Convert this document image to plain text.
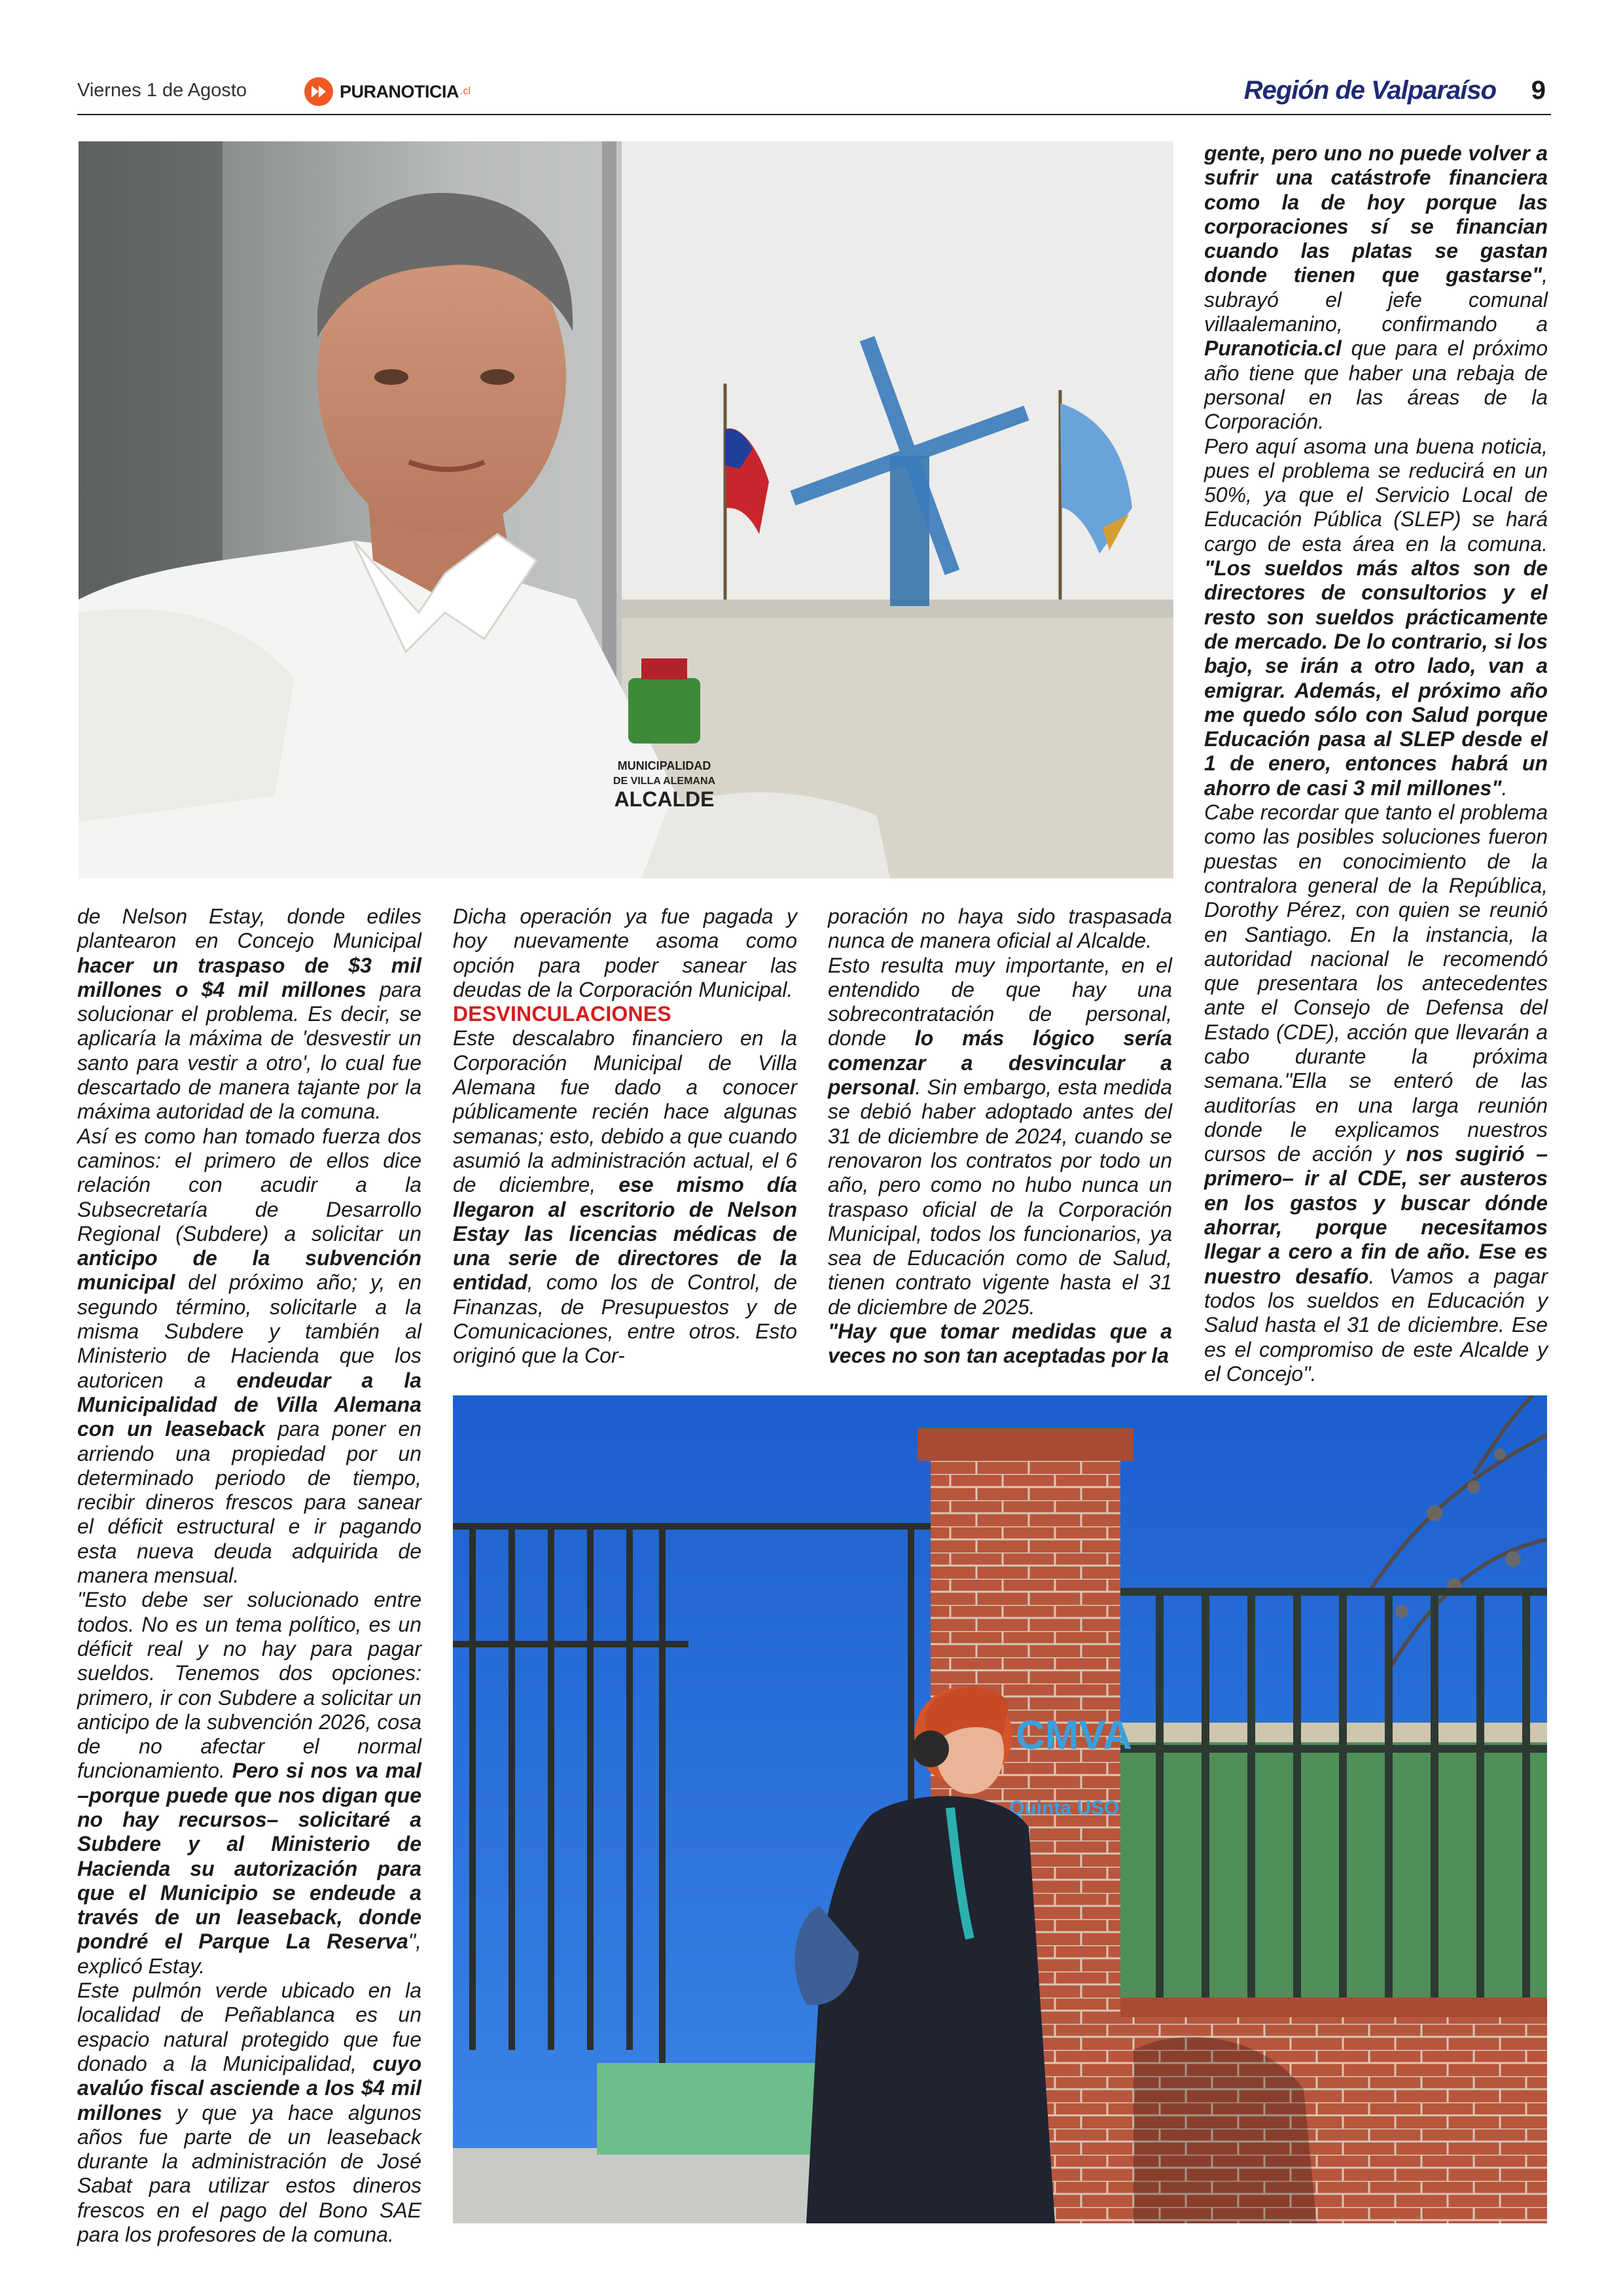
Viernes 1 de Agosto	PURANOTICIA .cl	Región de Valparaíso 9
MUNICIPALIDAD
DE VILLA ALEMANA
ALCALDE

de Nelson Estay, donde ediles plantearon en Concejo Municipal hacer un traspaso de $3 mil millones o $4 mil millones para solucionar el problema. Es decir, se aplicaría la máxima de 'desvestir un santo para vestir a otro', lo cual fue descartado de manera tajante por la máxima autoridad de la comuna.

Así es como han tomado fuerza dos caminos: el primero de ellos dice relación con acudir a la Subsecretaría de Desarrollo Regional (Subdere) a solicitar un anticipo de la subvención municipal del próximo año; y, en segundo término, solicitarle a la misma Subdere y también al Ministerio de Hacienda que los autoricen a endeudar a la Municipalidad de Villa Alemana con un leaseback para poner en arriendo una propiedad por un determinado periodo de tiempo, recibir dineros frescos para sanear el déficit estructural e ir pagando esta nueva deuda adquirida de manera mensual.

"Esto debe ser solucionado entre todos. No es un tema político, es un déficit real y no hay para pagar sueldos. Tenemos dos opciones: primero, ir con Subdere a solicitar un anticipo de la subvención 2026, cosa de no afectar el normal funcionamiento. Pero si nos va mal –porque puede que nos digan que no hay recursos– solicitaré a Subdere y al Ministerio de Hacienda su autorización para que el Municipio se endeude a través de un leaseback, donde pondré el Parque La Reserva", explicó Estay.

Este pulmón verde ubicado en la localidad de Peñablanca es un espacio natural protegido que fue donado a la Municipalidad, cuyo avalúo fiscal asciende a los $4 mil millones y que ya hace algunos años fue parte de un leaseback durante la administración de José Sabat para utilizar estos dineros frescos en el pago del Bono SAE para los profesores de la comuna.

Dicha operación ya fue pagada y hoy nuevamente asoma como opción para poder sanear las deudas de la Corporación Municipal.

DESVINCULACIONES

Este descalabro financiero en la Corporación Municipal de Villa Alemana fue dado a conocer públicamente recién hace algunas semanas; esto, debido a que cuando asumió la administración actual, el 6 de diciembre, ese mismo día llegaron al escritorio de Nelson Estay las licencias médicas de una serie de directores de la entidad, como los de Control, de Finanzas, de Presupuestos y de Comunicaciones, entre otros. Esto originó que la Cor-

poración no haya sido traspasada nunca de manera oficial al Alcalde.

Esto resulta muy importante, en el entendido de que hay una sobrecontratación de personal, donde lo más lógico sería comenzar a desvincular a personal. Sin embargo, esta medida se debió haber adoptado antes del 31 de diciembre de 2024, cuando se renovaron los contratos por todo un año, pero como no hubo nunca un traspaso oficial de la Corporación Municipal, todos los funcionarios, ya sea de Educación como de Salud, tienen contrato vigente hasta el 31 de diciembre de 2025.

"Hay que tomar medidas que a veces no son tan aceptadas por la

gente, pero uno no puede volver a sufrir una catástrofe financiera como la de hoy porque las corporaciones sí se financian cuando las platas se gastan donde tienen que gastarse", subrayó el jefe comunal villaalemanino, confirmando a Puranoticia.cl que para el próximo año tiene que haber una rebaja de personal en las áreas de la Corporación.

Pero aquí asoma una buena noticia, pues el problema se reducirá en un 50%, ya que el Servicio Local de Educación Pública (SLEP) se hará cargo de esta área en la comuna. "Los sueldos más altos son de directores de consultorios y el resto son sueldos prácticamente de mercado. De lo contrario, si los bajo, se irán a otro lado, van a emigrar. Además, el próximo año me quedo sólo con Salud porque Educación pasa al SLEP desde el 1 de enero, entonces habrá un ahorro de casi 3 mil millones".

Cabe recordar que tanto el problema como las posibles soluciones fueron puestas en conocimiento de la contralora general de la República, Dorothy Pérez, con quien se reunió en Santiago. En la instancia, la autoridad nacional le recomendó que presentara los antecedentes ante el Consejo de Defensa del Estado (CDE), acción que llevarán a cabo durante la próxima semana."Ella se enteró de las auditorías en una larga reunión donde le explicamos nuestros cursos de acción y nos sugirió –primero– ir al CDE, ser austeros en los gastos y buscar dónde ahorrar, porque necesitamos llegar a cero a fin de año. Ese es nuestro desafío. Vamos a pagar todos los sueldos en Educación y Salud hasta el 31 de diciembre. Ese es el compromiso de este Alcalde y el Concejo".

CMVA
Quinta USO
